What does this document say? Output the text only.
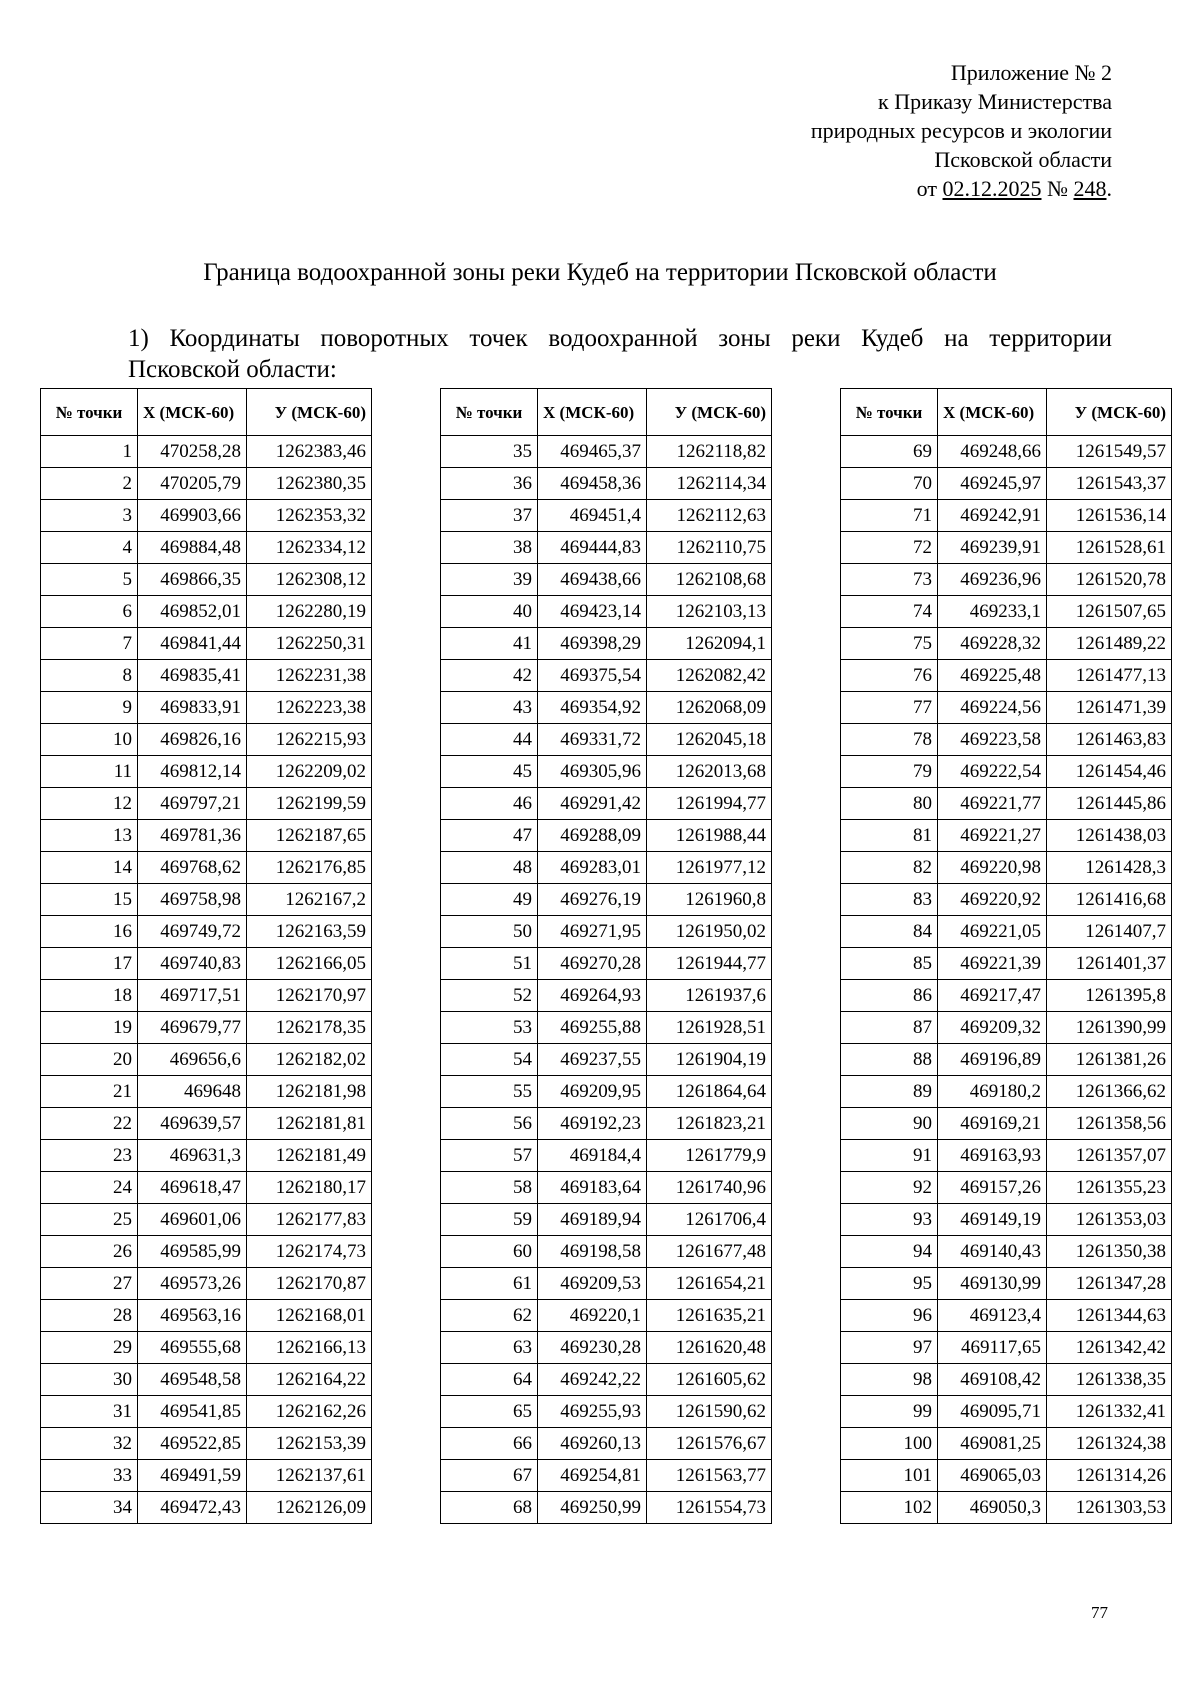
Приложение № 2
к Приказу Министерства
природных ресурсов и экологии
Псковской области
от 02.12.2025 № 248.
Граница водоохранной зоны реки Кудеб на территории Псковской области
1) Координаты поворотных точек водоохранной зоны реки Кудеб на территории
Псковской области:
№ точки	X (МСК-60)	У (МСК-60)
1	470258,28	1262383,46
2	470205,79	1262380,35
3	469903,66	1262353,32
4	469884,48	1262334,12
5	469866,35	1262308,12
6	469852,01	1262280,19
7	469841,44	1262250,31
8	469835,41	1262231,38
9	469833,91	1262223,38
10	469826,16	1262215,93
11	469812,14	1262209,02
12	469797,21	1262199,59
13	469781,36	1262187,65
14	469768,62	1262176,85
15	469758,98	1262167,2
16	469749,72	1262163,59
17	469740,83	1262166,05
18	469717,51	1262170,97
19	469679,77	1262178,35
20	469656,6	1262182,02
21	469648	1262181,98
22	469639,57	1262181,81
23	469631,3	1262181,49
24	469618,47	1262180,17
25	469601,06	1262177,83
26	469585,99	1262174,73
27	469573,26	1262170,87
28	469563,16	1262168,01
29	469555,68	1262166,13
30	469548,58	1262164,22
31	469541,85	1262162,26
32	469522,85	1262153,39
33	469491,59	1262137,61
34	469472,43	1262126,09
№ точки	X (МСК-60)	У (МСК-60)
35	469465,37	1262118,82
36	469458,36	1262114,34
37	469451,4	1262112,63
38	469444,83	1262110,75
39	469438,66	1262108,68
40	469423,14	1262103,13
41	469398,29	1262094,1
42	469375,54	1262082,42
43	469354,92	1262068,09
44	469331,72	1262045,18
45	469305,96	1262013,68
46	469291,42	1261994,77
47	469288,09	1261988,44
48	469283,01	1261977,12
49	469276,19	1261960,8
50	469271,95	1261950,02
51	469270,28	1261944,77
52	469264,93	1261937,6
53	469255,88	1261928,51
54	469237,55	1261904,19
55	469209,95	1261864,64
56	469192,23	1261823,21
57	469184,4	1261779,9
58	469183,64	1261740,96
59	469189,94	1261706,4
60	469198,58	1261677,48
61	469209,53	1261654,21
62	469220,1	1261635,21
63	469230,28	1261620,48
64	469242,22	1261605,62
65	469255,93	1261590,62
66	469260,13	1261576,67
67	469254,81	1261563,77
68	469250,99	1261554,73
№ точки	X (МСК-60)	У (МСК-60)
69	469248,66	1261549,57
70	469245,97	1261543,37
71	469242,91	1261536,14
72	469239,91	1261528,61
73	469236,96	1261520,78
74	469233,1	1261507,65
75	469228,32	1261489,22
76	469225,48	1261477,13
77	469224,56	1261471,39
78	469223,58	1261463,83
79	469222,54	1261454,46
80	469221,77	1261445,86
81	469221,27	1261438,03
82	469220,98	1261428,3
83	469220,92	1261416,68
84	469221,05	1261407,7
85	469221,39	1261401,37
86	469217,47	1261395,8
87	469209,32	1261390,99
88	469196,89	1261381,26
89	469180,2	1261366,62
90	469169,21	1261358,56
91	469163,93	1261357,07
92	469157,26	1261355,23
93	469149,19	1261353,03
94	469140,43	1261350,38
95	469130,99	1261347,28
96	469123,4	1261344,63
97	469117,65	1261342,42
98	469108,42	1261338,35
99	469095,71	1261332,41
100	469081,25	1261324,38
101	469065,03	1261314,26
102	469050,3	1261303,53
77
